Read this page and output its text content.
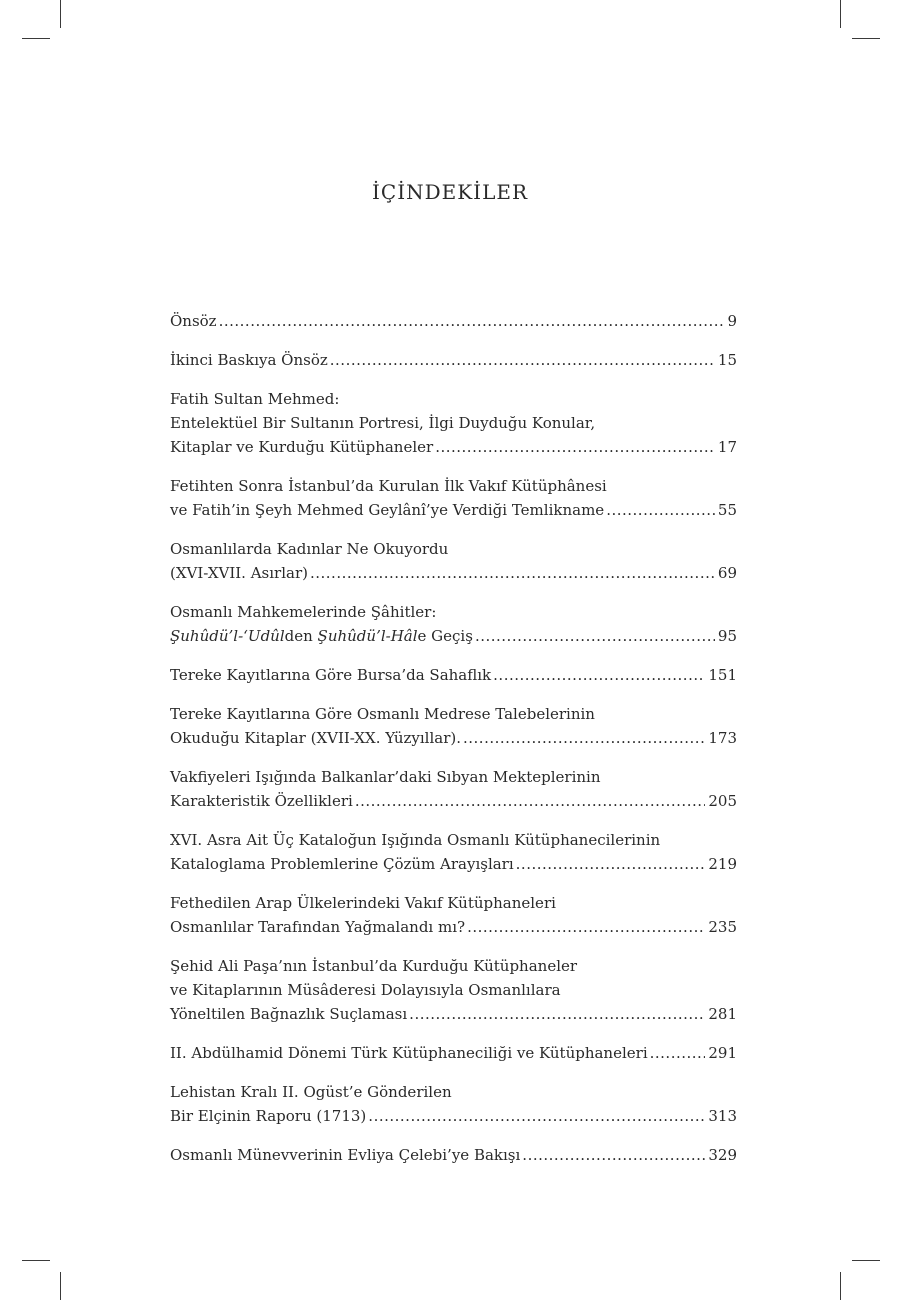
İÇİNDEKİLER
Önsöz .....	9
İkinci Baskıya Önsöz .....	15
Fatih Sultan Mehmed:
Entelektüel Bir Sultanın Portresi, İlgi Duyduğu Konular,
Kitaplar ve Kurduğu Kütüphaneler .....	17
Fetihten Sonra İstanbul’da Kurulan İlk Vakıf Kütüphânesi
ve Fatih’in Şeyh Mehmed Geylânî’ye Verdiği Temlikname .....	55
Osmanlılarda Kadınlar Ne Okuyordu
(XVI-XVII. Asırlar) .....	69
Osmanlı Mahkemelerinde Şâhitler:
Şuhûdü’l-‘Udûlden Şuhûdü’l-Hâle Geçiş .....	95
Tereke Kayıtlarına Göre Bursa’da Sahaflık .....	151
Tereke Kayıtlarına Göre Osmanlı Medrese Talebelerinin
Okuduğu Kitaplar (XVII-XX. Yüzyıllar). .....	173
Vakfiyeleri Işığında Balkanlar’daki Sıbyan Mekteplerinin
Karakteristik Özellikleri .....	205
XVI. Asra Ait Üç Kataloğun Işığında Osmanlı Kütüphanecilerinin
Kataloglama Problemlerine Çözüm Arayışları .....	219
Fethedilen Arap Ülkelerindeki Vakıf Kütüphaneleri
Osmanlılar Tarafından Yağmalandı mı? .....	235
Şehid Ali Paşa’nın İstanbul’da Kurduğu Kütüphaneler
ve Kitaplarının Müsâderesi Dolayısıyla Osmanlılara
Yöneltilen Bağnazlık Suçlaması .....	281
II. Abdülhamid Dönemi Türk Kütüphaneciliği ve Kütüphaneleri .....	291
Lehistan Kralı II. Ogüst’e Gönderilen
Bir Elçinin Raporu (1713) .....	313
Osmanlı Münevverinin Evliya Çelebi’ye Bakışı .....	329
